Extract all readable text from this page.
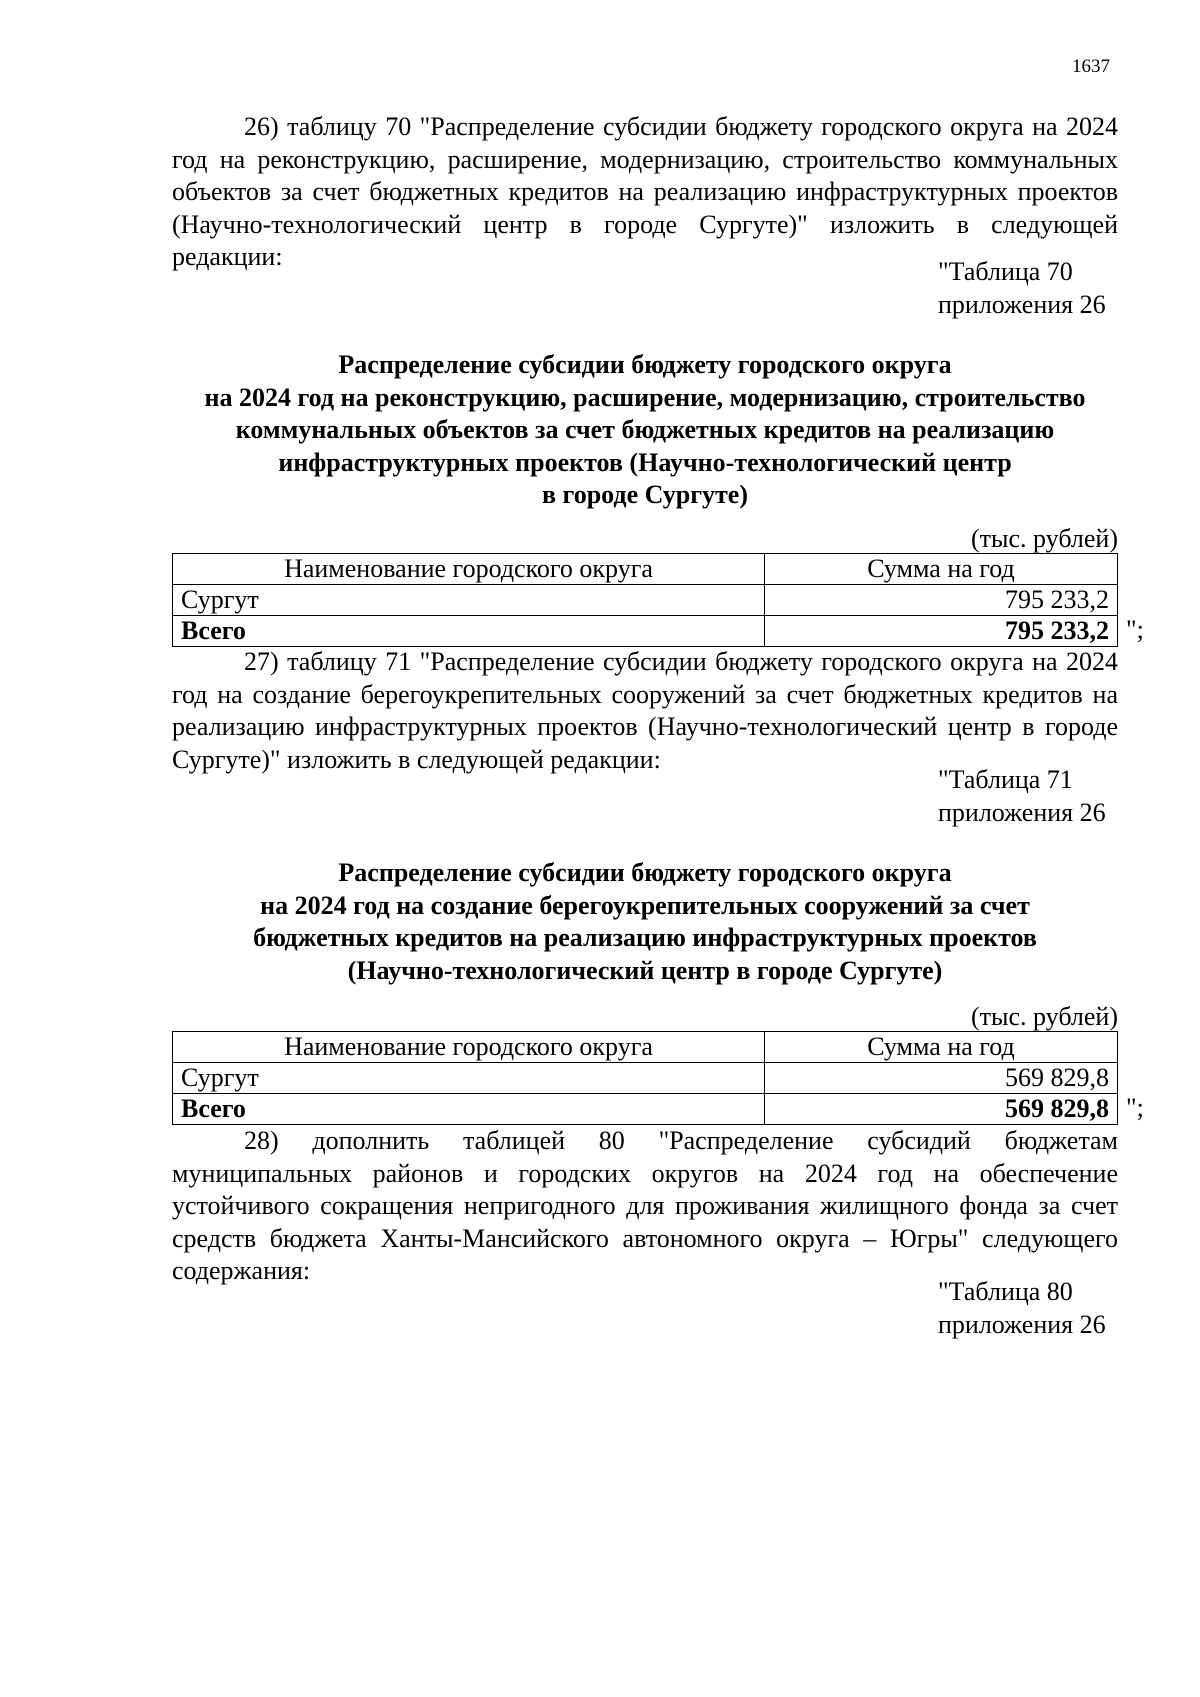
1637
26) таблицу 70 "Распределение субсидии бюджету городского округа на 2024 год на реконструкцию, расширение, модернизацию, строительство коммунальных объектов за счет бюджетных кредитов на реализацию инфраструктурных проектов (Научно-технологический центр в городе Сургуте)" изложить в следующей редакции:
"Таблица 70
приложения 26
Распределение субсидии бюджету городского округа
на 2024 год на реконструкцию, расширение, модернизацию, строительство
коммунальных объектов за счет бюджетных кредитов на реализацию
инфраструктурных проектов (Научно-технологический центр
в городе Сургуте)
(тыс. рублей)
Наименование городского округа	Сумма на год
Сургут	795 233,2
Всего	795 233,2 ";
27) таблицу 71 "Распределение субсидии бюджету городского округа на 2024 год на создание берегоукрепительных сооружений за счет бюджетных кредитов на реализацию инфраструктурных проектов (Научно-технологический центр в городе Сургуте)" изложить в следующей редакции:
"Таблица 71
приложения 26
Распределение субсидии бюджету городского округа
на 2024 год на создание берегоукрепительных сооружений за счет
бюджетных кредитов на реализацию инфраструктурных проектов
(Научно-технологический центр в городе Сургуте)
(тыс. рублей)
Наименование городского округа	Сумма на год
Сургут	569 829,8
Всего	569 829,8 ";
28) дополнить таблицей 80 "Распределение субсидий бюджетам муниципальных районов и городских округов на 2024 год на обеспечение устойчивого сокращения непригодного для проживания жилищного фонда за счет средств бюджета Ханты-Мансийского автономного округа – Югры" следующего содержания:
"Таблица 80
приложения 26
